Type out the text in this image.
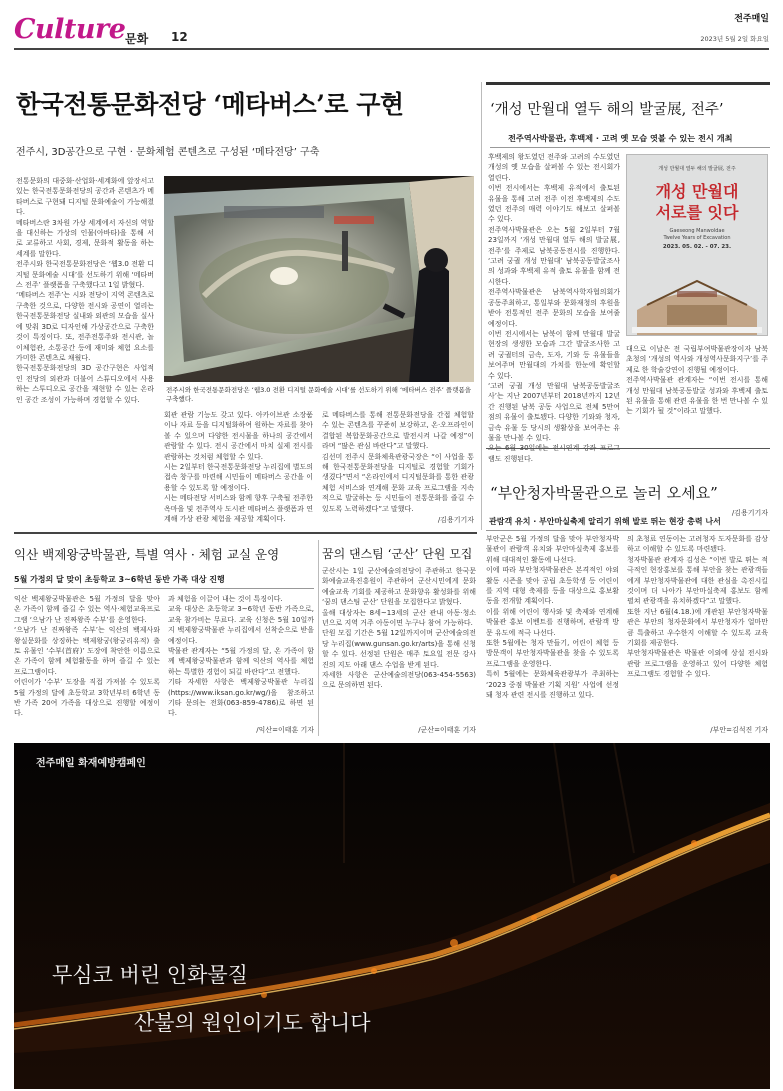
Culture 문화 12
전주매일
2023년 5월 2일 화요일
한국전통문화전당 ‘메타버스’로 구현
전주시, 3D공간으로 구현 · 문화체험 콘텐츠로 구성된 ‘메타전당’ 구축
전통문화의 대중화·산업화·세계화에 앞장서고 있는 한국전통문화전당의 공간과 콘텐츠가 메타버스로 구현돼 디지털 문화예술이 가능해졌다.
메타버스란 3차원 가상 세계에서 자신의 역할을 대신하는 가상의 인물(아바타)을 통해 서로 교류하고 사회, 경제, 문화적 활동을 하는 세계를 말한다.
전주시와 한국전통문화전당은 ‘웹3.0 전환 디지털 문화예술 시대’를 선도하기 위해 ‘메타버스 전주’ 플랫폼을 구축했다고 1일 밝혔다.
‘메타버스 전주’는 시와 전당이 지역 콘텐츠로 구축한 것으로, 다양한 전시와 공연이 열리는 한국전통문화전당 실내와 외관의 모습을 실사에 맞춰 3D로 디자인해 가상공간으로 구축한 것이 특징이다. 또, 전주전통주와 전시관, 놀이체험관, 소통공간 등에 재미와 체험 요소를 가미한 콘텐츠로 채웠다.
한국전통문화전당의 3D 공간구현은 사업적인 전당의 외관과 더불어 스튜디오에서 사용하는 스투디오로 공간을 재현할 수 있는 온라인 공간 조성이 가능하며 경험할 수 있다.
전주시와 한국전통문화전당은 ‘웹3.0 전환 디지털 문화예술 시대’를 선도하기 위해 ‘메타버스 전주’ 플랫폼을 구축했다.
회관 관람 기능도 갖고 있다. 아카이브관 소장품이나 자료 등을 디지털화하여 원하는 자료를 찾아볼 수 있으며 다양한 전시물을 하나의 공간에서 관람할 수 있다. 전시 공간에서 마치 실제 전시를 관람하는 것처럼 체험할 수 있다.
시는 2일부터 한국전통문화전당 누리집에 별도의 접속 창구를 마련해 시민들이 메타버스 공간을 이용할 수 있도록 할 예정이다.
시는 메타전당 서비스와 함께 향후 구축될 전주한옥마을 및 전주역사 도시관 메타버스 플랫폼과 연계해 가상 관광 체험을 제공할 계획이다.

로 메타버스를 통해 전통문화전당을 간접 체험할 수 있는 콘텐츠를 꾸준히 보강하고, 온·오프라인이 결합된 복합문화공간으로 발전시켜 나갈 예정”이라며 “많은 관심 바란다”고 말했다.
김선미 전주시 문화체육관광국장은 “이 사업을 통해 한국전통문화전당을 디지털로 경험할 기회가 생겼다”면서 “온라인에서 디지털문화를 통한 관광 체험 서비스와 연계해 문화 교육 프로그램을 지속적으로 발굴하는 등 시민들이 전통문화를 즐길 수 있도록 노력하겠다”고 말했다.
/김용기기자
‘개성 만월대 열두 해의 발굴展, 전주’
전주역사박물관, 후백제 · 고려 옛 모습 엿볼 수 있는 전시 개최
후백제의 왕도였던 전주와 고려의 수도였던 개성의 옛 모습을 살펴볼 수 있는 전시회가 열린다.
이번 전시에서는 후백제 유적에서 출토된 유물을 통해 고려 전주 이전 후백제의 수도였던 전주의 매력 이야기도 해보고 살펴볼 수 있다.
전주역사박물관은 오는 5월 2일부터 7월 23일까지 ‘개성 만월대 열두 해의 발굴展, 전주’를 주제로 남북공동전시를 진행한다. ‘고려 궁궐 개성 만월대’ 남북공동발굴조사의 성과와 후백제 유적 출토 유물을 함께 전시한다.
전주역사박물관은 남북역사학자협의회가 공동주최하고, 통일부와 문화재청의 후원을 받아 전통적인 전주 문화의 모습을 보여줄 예정이다.
이번 전시에서는 남북이 함께 만월대 발굴 현장의 생생한 모습과 그간 발굴조사한 고려 궁궐터의 금속, 도자, 기와 등 유물들을 보여주며 만월대의 가치를 한눈에 확인할 수 있다.
‘고려 궁궐 개성 만월대 남북공동발굴조사’는 지난 2007년부터 2018년까지 12년간 진행된 남북 공동 사업으로 전체 5만여 점의 유물이 출토됐다. 다양한 기와와 청자, 금속 유물 등 당시의 생활상을 보여주는 유물을 만나볼 수 있다.
램도 진행된다.
개성 만월대 열두 해의 발굴展, 전주
개성 만월대
서로를 잇다
Gaeseong Manwoldae
Twelve Years of Excavation
2023. 05. 02. - 07. 23.
대으로 이날은 전 국립부여박물관장이자 남북 초청의 ‘개성의 역사와 개성역사문화지구’를 주제로 한 학술강연이 진행될 예정이다.
전주역사박물관 관계자는 “이번 전시를 통해 개성 만월대 남북공동발굴 성과와 후백제 출토된 유물을 통해 관련 유물을 한 번 만나볼 수 있는 기회가 될 것”이라고 말했다.
/김용기기자
“부안청자박물관으로 놀러 오세요”
관람객 유치 · 부안마실축제 알리기 위해 발로 뛰는 현장 총력 나서
부안군은 5월 가정의 달을 맞아 부안청자박물관이 관람객 유치와 부안마실축제 홍보를 위해 대대적인 활동에 나선다.
이에 따라 부안청자박물관은 본격적인 야외활동 시즌을 맞아 공립 초등학생 등 어린이를 지역 대형 축제를 등을 대상으로 홍보활동을 전개할 계획이다.
이를 위해 어린이 행사와 및 축제와 연계해 박물관 홍보 이벤트를 진행하며, 관람객 방문 유도에 적극 나선다.
또한 5월에는 청자 만들기, 어린이 체험 등 방문객이 부안청자박물관을 찾을 수 있도록 프로그램을 운영한다.
특히 5월에는 문화체육관광부가 주최하는 ‘2023 중점 박물관 기획 지원’ 사업에 선정돼 청자 관련 전시를 진행하고 있다.
의 초청료 연동이는 고려청자 도자문화를 감상하고 이해할 수 있도록 마련됐다.
청자박물관 관계자 김성은 “이번 발로 뛰는 적극적인 현장홍보를 통해 부안을 찾는 관광객들에게 부안청자박물관에 대한 관심을 촉진시킬 것이며 더 나아가 부안마실축제 홍보도 함께 펼쳐 관광객을 유치하겠다”고 말했다.
또한 지난 6월(4.18.)에 개관된 부안청자박물관은 부안의 청자문화에서 부안청자가 얼마만큼 특출하고 우수한지 이해할 수 있도록 교육 기회를 제공한다.
부안청자박물관은 박물관 이외에 상설 전시와 관람 프로그램을 운영하고 있어 다양한 체험 프로그램도 경험할 수 있다.
/부안=김석진 기자
익산 백제왕궁박물관, 특별 역사 · 체험 교실 운영
5월 가정의 달 맞이 초등학교 3~6학년 동반 가족 대상 진행
익산 백제왕궁박물관은 5월 가정의 달을 맞아 온 가족이 함께 즐길 수 있는 역사·체험교육프로그램 ‘으남가 난 진짜왕족 수부’를 운영한다.
‘으남가 난 진짜왕족 수부’는 익산의 백제사와 왕실문화를 상징하는 백제왕궁(왕궁리유적) 출토 유물인 ‘수부(首府)’ 도장에 착안한 이름으로 온 가족이 함께 체험활동을 하며 즐길 수 있는 프로그램이다.
어린이가 ‘수부’ 도장을 직접 가져볼 수 있도록 5월 가정의 달에 초등학교 3학년부터 6학년 동반 가족 20여 가족을 대상으로 진행할 예정이다.
과 체험을 이끌어 내는 것이 특징이다.
교육 대상은 초등학교 3~6학년 동반 가족으로, 교육 참가비는 무료다. 교육 신청은 5월 10일까지 백제왕궁박물관 누리집에서 선착순으로 받을 예정이다.
박물관 관계자는 “5월 가정의 달, 온 가족이 함께 백제왕궁박물관과 함께 익산의 역사를 체험하는 특별한 경험이 되길 바란다”고 전했다.
기타 자세한 사항은 백제왕궁박물관 누리집(https://www.iksan.go.kr/wg/)을 참조하고 기타 문의는 전화(063-859-4786)로 하면 된다.
/익산=이태훈 기자
꿈의 댄스팀 ‘군산’ 단원 모집
군산시는 1일 군산예술의전당이 주관하고 한국문화예술교육진흥원이 주관하여 군산시민에게 문화예술교육 기회를 제공하고 문화향유 활성화를 위해 ‘꿈의 댄스팀 군산’ 단원을 모집한다고 밝혔다.
올해 대상자는 8세~13세의 군산 관내 아동·청소년으로 지역 거주 아동이면 누구나 참여 가능하다.
단원 모집 기간은 5월 12일까지이며 군산예술의전당 누리집(www.gunsan.go.kr/arts)을 통해 신청할 수 있다. 선정된 단원은 매주 토요일 전문 강사진의 지도 아래 댄스 수업을 받게 된다.
자세한 사항은 군산예술의전당(063-454-5563)으로 문의하면 된다.
/군산=이태훈 기자
전주매일 화재예방캠페인
무심코 버린 인화물질
산불의 원인이기도 합니다
